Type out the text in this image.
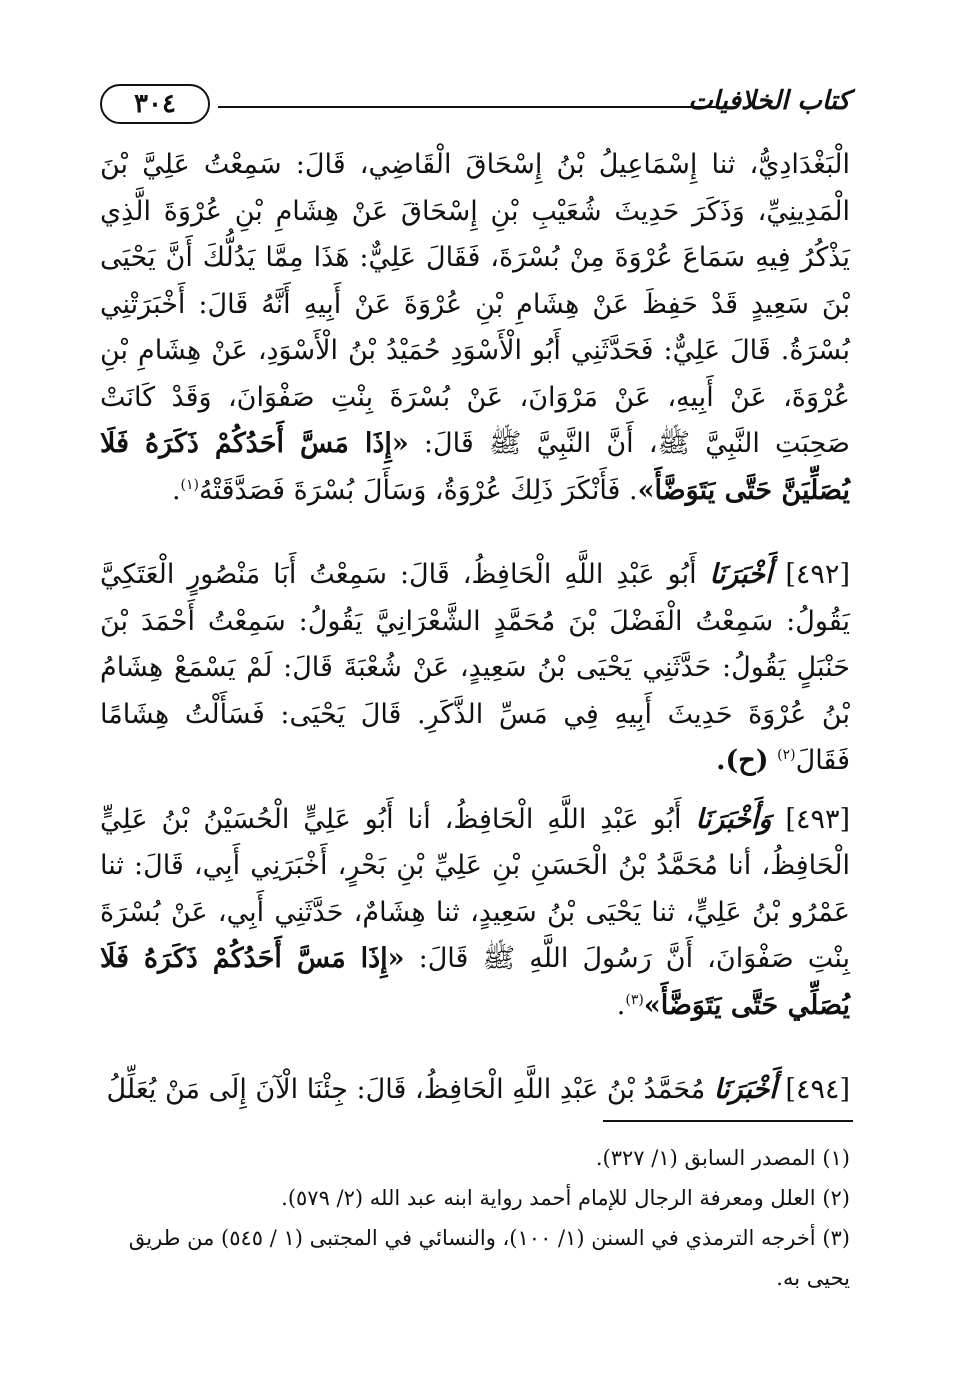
٣٠٤	كتاب الخلافيات

الْبَغْدَادِيُّ، ثنا إِسْمَاعِيلُ بْنُ إِسْحَاقَ الْقَاضِي، قَالَ: سَمِعْتُ عَلِيَّ بْنَ الْمَدِينِيِّ، وَذَكَرَ حَدِيثَ شُعَيْبِ بْنِ إِسْحَاقَ عَنْ هِشَامِ بْنِ عُرْوَةَ الَّذِي يَذْكُرُ فِيهِ سَمَاعَ عُرْوَةَ مِنْ بُسْرَةَ، فَقَالَ عَلِيٌّ: هَذَا مِمَّا يَدُلُّكَ أَنَّ يَحْيَى بْنَ سَعِيدٍ قَدْ حَفِظَ عَنْ هِشَامِ بْنِ عُرْوَةَ عَنْ أَبِيهِ أَنَّهُ قَالَ: أَخْبَرَتْنِي بُسْرَةُ. قَالَ عَلِيٌّ: فَحَدَّثَنِي أَبُو الْأَسْوَدِ حُمَيْدُ بْنُ الْأَسْوَدِ، عَنْ هِشَامِ بْنِ عُرْوَةَ، عَنْ أَبِيهِ، عَنْ مَرْوَانَ، عَنْ بُسْرَةَ بِنْتِ صَفْوَانَ، وَقَدْ كَانَتْ صَحِبَتِ النَّبِيَّ ﷺ، أَنَّ النَّبِيَّ ﷺ قَالَ: «إِذَا مَسَّ أَحَدُكُمْ ذَكَرَهُ فَلَا يُصَلِّيَنَّ حَتَّى يَتَوَضَّأَ». فَأَنْكَرَ ذَلِكَ عُرْوَةُ، وَسَأَلَ بُسْرَةَ فَصَدَّقَتْهُ$^{(١)}$.

[٤٩٢] أَخْبَرَنَا أَبُو عَبْدِ اللَّهِ الْحَافِظُ، قَالَ: سَمِعْتُ أَبَا مَنْصُورٍ الْعَتَكِيَّ يَقُولُ: سَمِعْتُ الْفَضْلَ بْنَ مُحَمَّدٍ الشَّعْرَانِيَّ يَقُولُ: سَمِعْتُ أَحْمَدَ بْنَ حَنْبَلٍ يَقُولُ: حَدَّثَنِي يَحْيَى بْنُ سَعِيدٍ، عَنْ شُعْبَةَ قَالَ: لَمْ يَسْمَعْ هِشَامُ بْنُ عُرْوَةَ حَدِيثَ أَبِيهِ فِي مَسِّ الذَّكَرِ. قَالَ يَحْيَى: فَسَأَلْتُ هِشَامًا فَقَالَ$^{(٢)}$ (ح).

[٤٩٣] وَأَخْبَرَنَا أَبُو عَبْدِ اللَّهِ الْحَافِظُ، أنا أَبُو عَلِيٍّ الْحُسَيْنُ بْنُ عَلِيٍّ الْحَافِظُ، أنا مُحَمَّدُ بْنُ الْحَسَنِ بْنِ عَلِيِّ بْنِ بَحْرٍ، أَخْبَرَنِي أَبِي، قَالَ: ثنا عَمْرُو بْنُ عَلِيٍّ، ثنا يَحْيَى بْنُ سَعِيدٍ، ثنا هِشَامٌ، حَدَّثَنِي أَبِي، عَنْ بُسْرَةَ بِنْتِ صَفْوَانَ، أَنَّ رَسُولَ اللَّهِ ﷺ قَالَ: «إِذَا مَسَّ أَحَدُكُمْ ذَكَرَهُ فَلَا يُصَلِّي حَتَّى يَتَوَضَّأَ»$^{(٣)}$.

[٤٩٤] أَخْبَرَنَا مُحَمَّدُ بْنُ عَبْدِ اللَّهِ الْحَافِظُ، قَالَ: جِئْنَا الْآنَ إِلَى مَنْ يُعَلِّلُ

(١) المصدر السابق (١/ ٣٢٧).

(٢) العلل ومعرفة الرجال للإمام أحمد رواية ابنه عبد الله (٢/ ٥٧٩).

(٣) أخرجه الترمذي في السنن (١/ ١٠٠)، والنسائي في المجتبى (١ / ٥٤٥) من طريق يحيى به.
